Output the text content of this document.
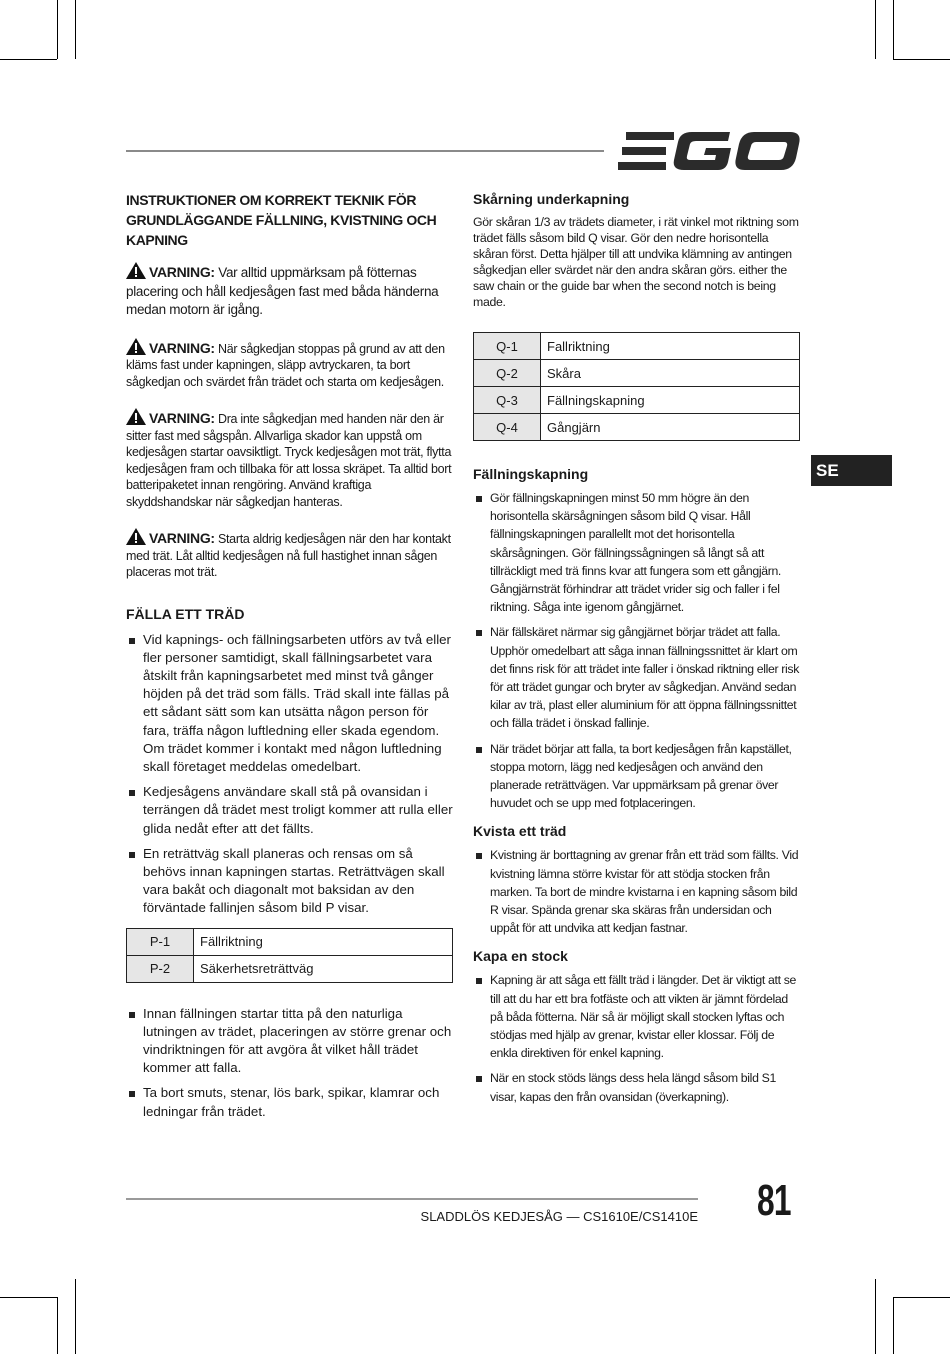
INSTRUKTIONER OM KORREKT TEKNIK FÖR
GRUNDLÄGGANDE FÄLLNING, KVISTNING OCH KAPNING
VARNING: Var alltid uppmärksam på fötternas placering och håll kedjesågen fast med båda händerna medan motorn är igång.
VARNING: När sågkedjan stoppas på grund av att den kläms fast under kapningen, släpp avtryckaren, ta bort sågkedjan och svärdet från trädet och starta om kedjesågen.
VARNING: Dra inte sågkedjan med handen när den är sitter fast med sågspån. Allvarliga skador kan uppstå om kedjesågen startar oavsiktligt. Tryck kedjesågen mot trät, flytta kedjesågen fram och tillbaka för att lossa skräpet. Ta alltid bort batteripaketet innan rengöring. Använd kraftiga skyddshandskar när sågkedjan hanteras.
VARNING: Starta aldrig kedjesågen när den har kontakt med trät. Låt alltid kedjesågen nå full hastighet innan sågen placeras mot trät.
FÄLLA ETT TRÄD
Vid kapnings- och fällningsarbeten utförs av två eller fler personer samtidigt, skall fällningsarbetet vara åtskilt från kapningsarbetet med minst två gånger höjden på det träd som fälls. Träd skall inte fällas på ett sådant sätt som kan utsätta någon person för fara, träffa någon luftledning eller skada egendom. Om trädet kommer i kontakt med någon luftledning skall företaget meddelas omedelbart.
Kedjesågens användare skall stå på ovansidan i terrängen då trädet mest troligt kommer att rulla eller glida nedåt efter att det fällts.
En reträttväg skall planeras och rensas om så behövs innan kapningen startas. Reträttvägen skall vara bakåt och diagonalt mot baksidan av den förväntade fallinjen såsom bild P visar.
P-1	Fällriktning
P-2	Säkerhetsreträttväg
Innan fällningen startar titta på den naturliga lutningen av trädet, placeringen av större grenar och vindriktningen för att avgöra åt vilket håll trädet kommer att falla.
Ta bort smuts, stenar, lös bark, spikar, klamrar och ledningar från trädet.
Skårning underkapning
Gör skåran 1/3 av trädets diameter, i rät vinkel mot riktning som trädet fälls såsom bild Q visar. Gör den nedre horisontella skåran först. Detta hjälper till att undvika klämning av antingen sågkedjan eller svärdet när den andra skåran görs. either the saw chain or the guide bar when the second notch is being made.
Q-1	Fallriktning
Q-2	Skåra
Q-3	Fällningskapning
Q-4	Gångjärn
Fällningskapning
Gör fällningskapningen minst 50 mm högre än den horisontella skärsågningen såsom bild Q visar. Håll fällningskapningen parallellt mot det horisontella skårsågningen. Gör fällningssågningen så långt så att tillräckligt med trä finns kvar att fungera som ett gångjärn. Gångjärnsträt förhindrar att trädet vrider sig och faller i fel riktning. Såga inte igenom gångjärnet.
När fällskäret närmar sig gångjärnet börjar trädet att falla. Upphör omedelbart att såga innan fällningssnittet är klart om det finns risk för att trädet inte faller i önskad riktning eller risk för att trädet gungar och bryter av sågkedjan. Använd sedan kilar av trä, plast eller aluminium för att öppna fällningssnittet och fälla trädet i önskad fallinje.
När trädet börjar att falla, ta bort kedjesågen från kapstället, stoppa motorn, lägg ned kedjesågen och använd den planerade reträttvägen. Var uppmärksam på grenar över huvudet och se upp med fotplaceringen.
Kvista ett träd
Kvistning är borttagning av grenar från ett träd som fällts. Vid kvistning lämna större kvistar för att stödja stocken från marken. Ta bort de mindre kvistarna i en kapning såsom bild R visar. Spända grenar ska skäras från undersidan och uppåt för att undvika att kedjan fastnar.
Kapa en stock
Kapning är att såga ett fällt träd i längder. Det är viktigt att se till att du har ett bra fotfäste och att vikten är jämnt fördelad på båda fötterna. När så är möjligt skall stocken lyftas och stödjas med hjälp av grenar, kvistar eller klossar. Följ de enkla direktiven för enkel kapning.
När en stock stöds längs dess hela längd såsom bild S1 visar, kapas den från ovansidan (överkapning).
SE
SLADDLÖS KEDJESÅG — CS1610E/CS1410E 81
